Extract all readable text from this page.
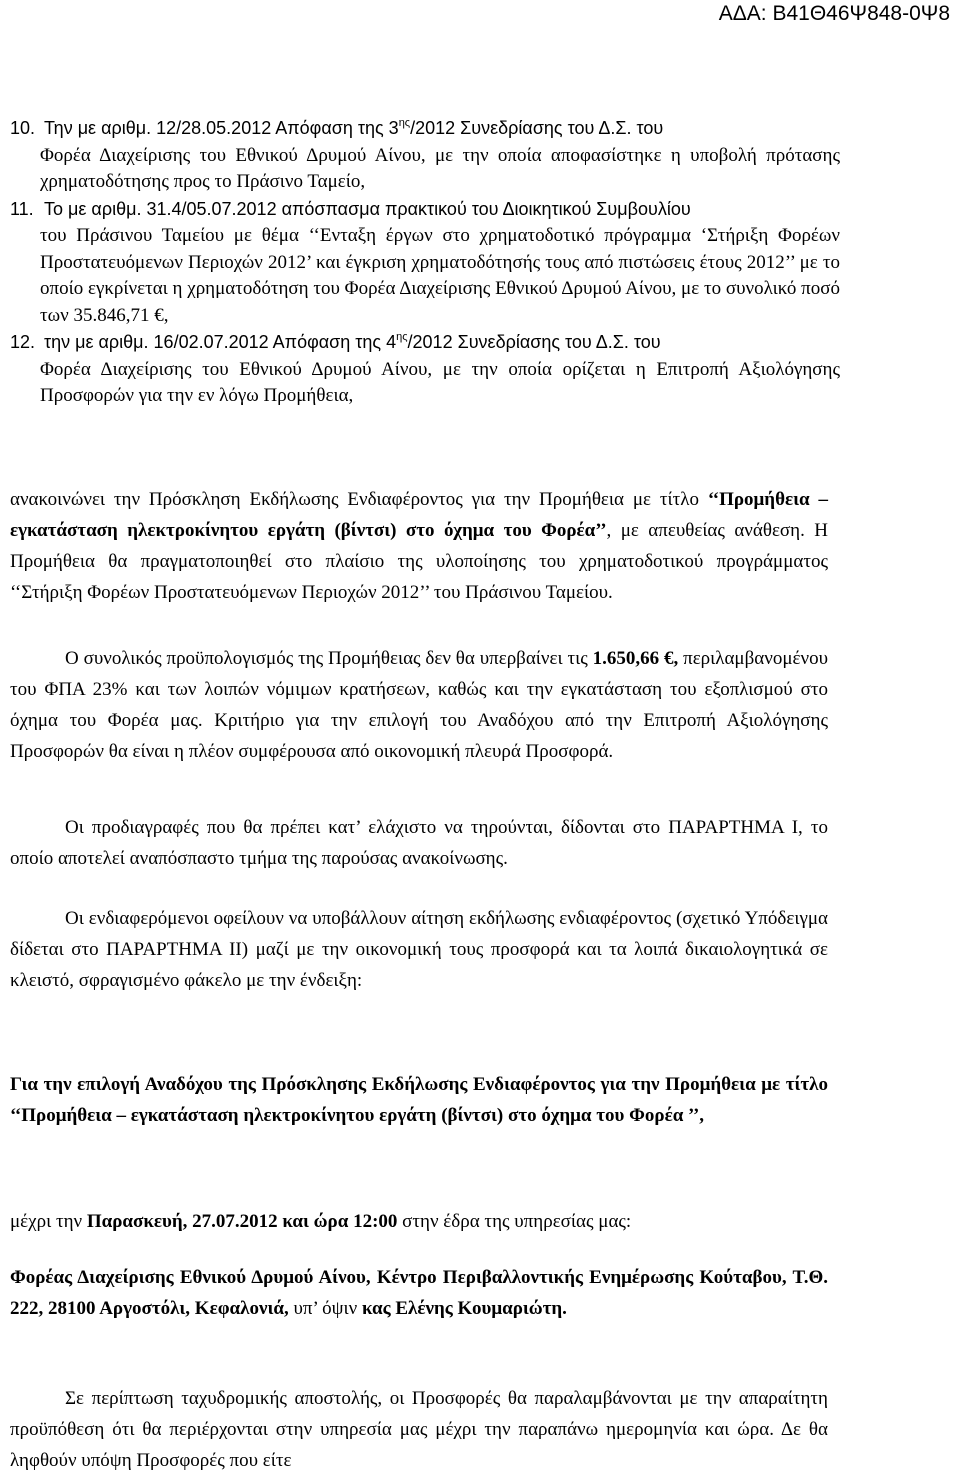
ΑΔΑ: Β41Θ46Ψ848-0Ψ8
10. Την με αριθμ. 12/28.05.2012 Απόφαση της $3^{\eta\varsigma}/2012$ Συνεδρίασης του Δ.Σ. του
Φορέα Διαχείρισης του Εθνικού Δρυμού Αίνου, με την οποία αποφασίστηκε η υποβολή πρότασης χρηματοδότησης προς το Πράσινο Ταμείο,
11. Το με αριθμ. 31.4/05.07.2012 απόσπασμα πρακτικού του Διοικητικού Συμβουλίου
του Πράσινου Ταμείου με θέμα ‘‘Ενταξη έργων στο χρηματοδοτικό πρόγραμμα ‘Στήριξη Φορέων Προστατευόμενων Περιοχών 2012’ και έγκριση χρηματοδότησής τους από πιστώσεις έτους 2012’’ με το οποίο εγκρίνεται η χρηματοδότηση του Φορέα Διαχείρισης Εθνικού Δρυμού Αίνου, με το συνολικό ποσό των 35.846,71 €,
12. την με αριθμ. 16/02.07.2012 Απόφαση της $4^{\eta\varsigma}/2012$ Συνεδρίασης του Δ.Σ. του
Φορέα Διαχείρισης του Εθνικού Δρυμού Αίνου, με την οποία ορίζεται η Επιτροπή Αξιολόγησης Προσφορών για την εν λόγω Προμήθεια,
ανακοινώνει την Πρόσκληση Εκδήλωσης Ενδιαφέροντος για την Προμήθεια με τίτλο ‘‘Προμήθεια – εγκατάσταση ηλεκτροκίνητου εργάτη (βίντσι) στο όχημα του Φορέα’’, με απευθείας ανάθεση. Η Προμήθεια θα πραγματοποιηθεί στο πλαίσιο της υλοποίησης του χρηματοδοτικού προγράμματος ‘‘Στήριξη Φορέων Προστατευόμενων Περιοχών 2012’’ του Πράσινου Ταμείου.
Ο συνολικός προϋπολογισμός της Προμήθειας δεν θα υπερβαίνει τις 1.650,66 €, περιλαμβανομένου του ΦΠΑ 23% και των λοιπών νόμιμων κρατήσεων, καθώς και την εγκατάσταση του εξοπλισμού στο όχημα του Φορέα μας. Κριτήριο για την επιλογή του Αναδόχου από την Επιτροπή Αξιολόγησης Προσφορών θα είναι η πλέον συμφέρουσα από οικονομική πλευρά Προσφορά.
Οι προδιαγραφές που θα πρέπει κατ’ ελάχιστο να τηρούνται, δίδονται στο ΠΑΡΑΡΤΗΜΑ Ι, το οποίο αποτελεί αναπόσπαστο τμήμα της παρούσας ανακοίνωσης.
Οι ενδιαφερόμενοι οφείλουν να υποβάλλουν αίτηση εκδήλωσης ενδιαφέροντος (σχετικό Υπόδειγμα δίδεται στο ΠΑΡΑΡΤΗΜΑ ΙΙ) μαζί με την οικονομική τους προσφορά και τα λοιπά δικαιολογητικά σε κλειστό, σφραγισμένο φάκελο με την ένδειξη:
Για την επιλογή Αναδόχου της Πρόσκλησης Εκδήλωσης Ενδιαφέροντος για την Προμήθεια με τίτλο ‘‘Προμήθεια – εγκατάσταση ηλεκτροκίνητου εργάτη (βίντσι) στο όχημα του Φορέα ’’,
μέχρι την Παρασκευή, 27.07.2012 και ώρα 12:00 στην έδρα της υπηρεσίας μας:
Φορέας Διαχείρισης Εθνικού Δρυμού Αίνου, Κέντρο Περιβαλλοντικής Ενημέρωσης Κούταβου, Τ.Θ. 222, 28100 Αργοστόλι, Κεφαλονιά, υπ’ όψιν κας Ελένης Κουμαριώτη.
Σε περίπτωση ταχυδρομικής αποστολής, οι Προσφορές θα παραλαμβάνονται με την απαραίτητη προϋπόθεση ότι θα περιέρχονται στην υπηρεσία μας μέχρι την παραπάνω ημερομηνία και ώρα. Δε θα ληφθούν υπόψη Προσφορές που είτε
